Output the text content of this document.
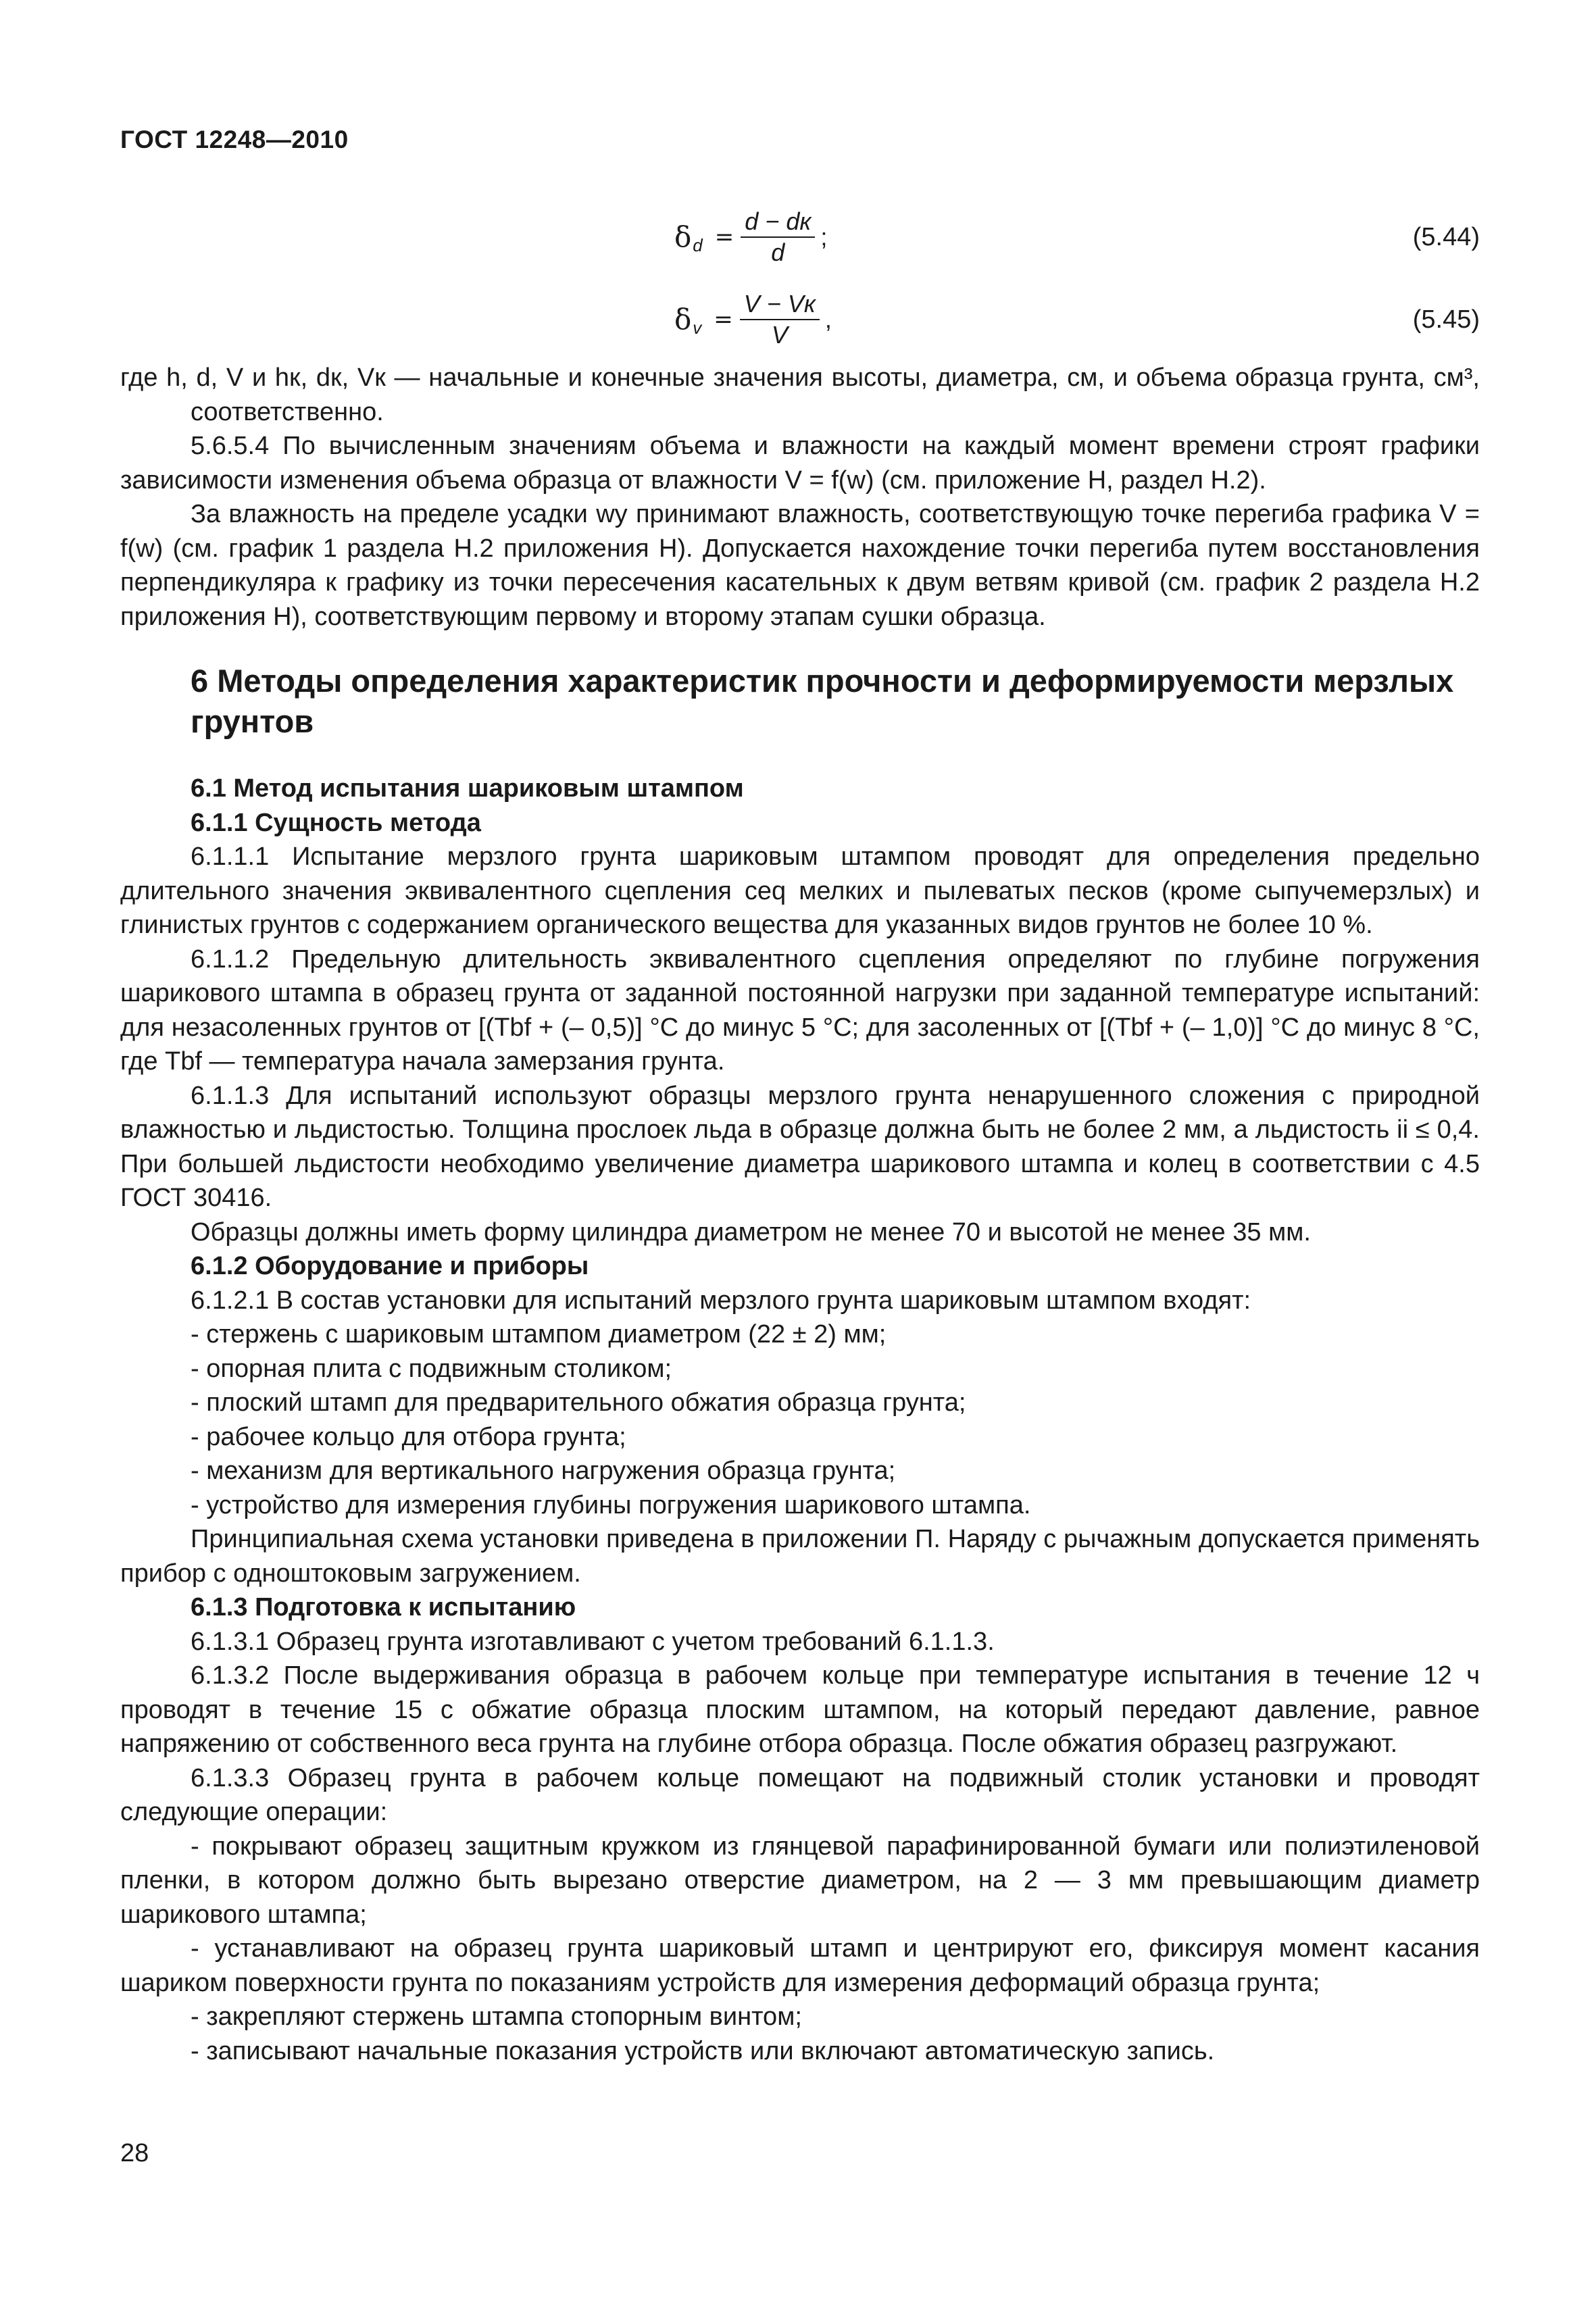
ГОСТ 12248—2010
δ $d = \frac{d - dк}{d}$ ;	(5.44)
δ $v = \frac{V - Vк}{V}$ ,	(5.45)

где h, d, V и hк, dк, Vк — начальные и конечные значения высоты, диаметра, см, и объема образца грунта, см³, соответственно.

5.6.5.4 По вычисленным значениям объема и влажности на каждый момент времени строят графики зависимости изменения объема образца от влажности V = f(w) (см. приложение Н, раздел Н.2).

За влажность на пределе усадки wу принимают влажность, соответствующую точке перегиба графика V = f(w) (см. график 1 раздела Н.2 приложения Н). Допускается нахождение точки перегиба путем восстановления перпендикуляра к графику из точки пересечения касательных к двум ветвям кривой (см. график 2 раздела Н.2 приложения Н), соответствующим первому и второму этапам сушки образца.

6 Методы определения характеристик прочности и деформируемости мерзлых грунтов

6.1 Метод испытания шариковым штампом

6.1.1 Сущность метода

6.1.1.1 Испытание мерзлого грунта шариковым штампом проводят для определения предельно длительного значения эквивалентного сцепления ceq мелких и пылеватых песков (кроме сыпучемерзлых) и глинистых грунтов с содержанием органического вещества для указанных видов грунтов не более 10 %.

6.1.1.2 Предельную длительность эквивалентного сцепления определяют по глубине погружения шарикового штампа в образец грунта от заданной постоянной нагрузки при заданной температуре испытаний: для незасоленных грунтов от [(Tbf + (– 0,5)] °C до минус 5 °C; для засоленных от [(Tbf + (– 1,0)] °C до минус 8 °C, где Tbf — температура начала замерзания грунта.

6.1.1.3 Для испытаний используют образцы мерзлого грунта ненарушенного сложения с природной влажностью и льдистостью. Толщина прослоек льда в образце должна быть не более 2 мм, а льдистость ii ≤ 0,4. При большей льдистости необходимо увеличение диаметра шарикового штампа и колец в соответствии с 4.5 ГОСТ 30416.

Образцы должны иметь форму цилиндра диаметром не менее 70 и высотой не менее 35 мм.

6.1.2 Оборудование и приборы

6.1.2.1 В состав установки для испытаний мерзлого грунта шариковым штампом входят:

- стержень с шариковым штампом диаметром (22 ± 2) мм;

- опорная плита с подвижным столиком;

- плоский штамп для предварительного обжатия образца грунта;

- рабочее кольцо для отбора грунта;

- механизм для вертикального нагружения образца грунта;

- устройство для измерения глубины погружения шарикового штампа.

Принципиальная схема установки приведена в приложении П. Наряду с рычажным допускается применять прибор с одноштоковым загружением.

6.1.3 Подготовка к испытанию

6.1.3.1 Образец грунта изготавливают с учетом требований 6.1.1.3.

6.1.3.2 После выдерживания образца в рабочем кольце при температуре испытания в течение 12 ч проводят в течение 15 с обжатие образца плоским штампом, на который передают давление, равное напряжению от собственного веса грунта на глубине отбора образца. После обжатия образец разгружают.

6.1.3.3 Образец грунта в рабочем кольце помещают на подвижный столик установки и проводят следующие операции:

- покрывают образец защитным кружком из глянцевой парафинированной бумаги или полиэтиленовой пленки, в котором должно быть вырезано отверстие диаметром, на 2 — 3 мм превышающим диаметр шарикового штампа;

- устанавливают на образец грунта шариковый штамп и центрируют его, фиксируя момент касания шариком поверхности грунта по показаниям устройств для измерения деформаций образца грунта;

- закрепляют стержень штампа стопорным винтом;

- записывают начальные показания устройств или включают автоматическую запись.

28
